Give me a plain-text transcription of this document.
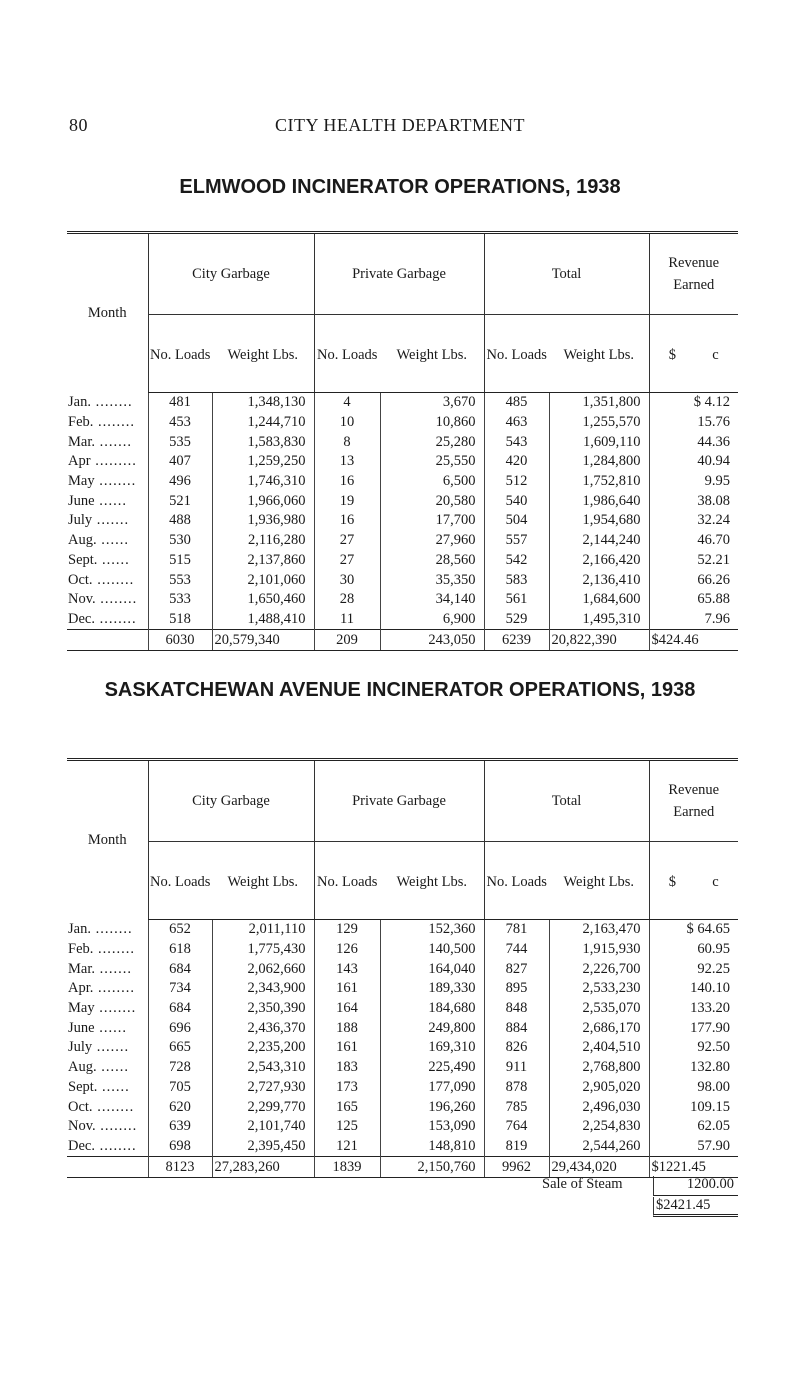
80	CITY HEALTH DEPARTMENT
ELMWOOD INCINERATOR OPERATIONS, 1938
Month	City Garbage		Private Garbage		Total		Revenue Earned
	No. Loads	Weight Lbs.	No. Loads	Weight Lbs.	No. Loads	Weight Lbs.	$          c
Jan. ........	481	1,348,130	4	3,670	485	1,351,800	$ 4.12
Feb. ........	453	1,244,710	10	10,860	463	1,255,570	15.76
Mar. .......	535	1,583,830	8	25,280	543	1,609,110	44.36
Apr .........	407	1,259,250	13	25,550	420	1,284,800	40.94
May ........	496	1,746,310	16	6,500	512	1,752,810	9.95
June ......	521	1,966,060	19	20,580	540	1,986,640	38.08
July .......	488	1,936,980	16	17,700	504	1,954,680	32.24
Aug. ......	530	2,116,280	27	27,960	557	2,144,240	46.70
Sept. ......	515	2,137,860	27	28,560	542	2,166,420	52.21
Oct. ........	553	2,101,060	30	35,350	583	2,136,410	66.26
Nov. ........	533	1,650,460	28	34,140	561	1,684,600	65.88
Dec. ........	518	1,488,410	11	6,900	529	1,495,310	7.96
	6030	20,579,340	209	243,050	6239	20,822,390	$424.46
SASKATCHEWAN AVENUE INCINERATOR OPERATIONS, 1938
Month	City Garbage		Private Garbage		Total		Revenue Earned
	No. Loads	Weight Lbs.	No. Loads	Weight Lbs.	No. Loads	Weight Lbs.	$          c
Jan. ........	652	2,011,110	129	152,360	781	2,163,470	$ 64.65
Feb. ........	618	1,775,430	126	140,500	744	1,915,930	60.95
Mar. .......	684	2,062,660	143	164,040	827	2,226,700	92.25
Apr. ........	734	2,343,900	161	189,330	895	2,533,230	140.10
May ........	684	2,350,390	164	184,680	848	2,535,070	133.20
June ......	696	2,436,370	188	249,800	884	2,686,170	177.90
July .......	665	2,235,200	161	169,310	826	2,404,510	92.50
Aug. ......	728	2,543,310	183	225,490	911	2,768,800	132.80
Sept. ......	705	2,727,930	173	177,090	878	2,905,020	98.00
Oct. ........	620	2,299,770	165	196,260	785	2,496,030	109.15
Nov. ........	639	2,101,740	125	153,090	764	2,254,830	62.05
Dec. ........	698	2,395,450	121	148,810	819	2,544,260	57.90
	8123	27,283,260	1839	2,150,760	9962	29,434,020	$1221.45
Sale of Steam	1200.00
$2421.45
